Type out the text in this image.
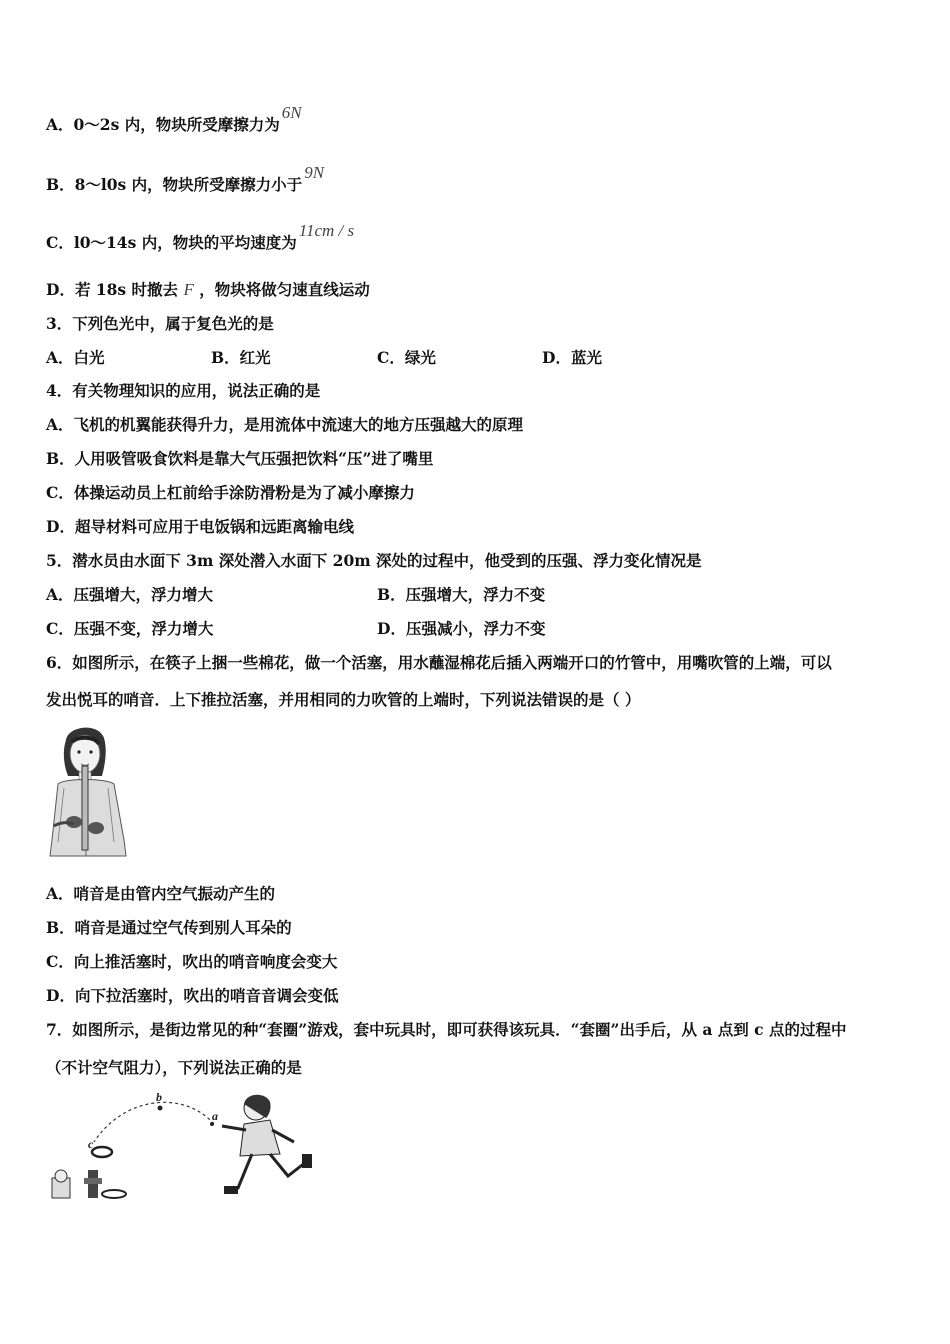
A．0～2s 内，物块所受摩擦力为6N
B．8～l0s 内，物块所受摩擦力小于9N
C．l0～14s 内，物块的平均速度为11cm / s
D．若 18s 时撤去 F ，物块将做匀速直线运动
3．下列色光中，属于复色光的是
A．白光	B．红光	C．绿光	D．蓝光
4．有关物理知识的应用，说法正确的是
A．飞机的机翼能获得升力，是用流体中流速大的地方压强越大的原理
B．人用吸管吸食饮料是靠大气压强把饮料“压”进了嘴里
C．体操运动员上杠前给手涂防滑粉是为了减小摩擦力
D．超导材料可应用于电饭锅和远距离输电线
5．潜水员由水面下 3m 深处潜入水面下 20m 深处的过程中，他受到的压强、浮力变化情况是
A．压强增大，浮力增大	B．压强增大，浮力不变
C．压强不变，浮力增大	D．压强减小，浮力不变
6．如图所示，在筷子上捆一些棉花，做一个活塞，用水蘸湿棉花后插入两端开口的竹管中，用嘴吹管的上端，可以
发出悦耳的哨音．上下推拉活塞，并用相同的力吹管的上端时，下列说法错误的是（ ）
A．哨音是由管内空气振动产生的
B．哨音是通过空气传到别人耳朵的
C．向上推活塞时，吹出的哨音响度会变大
D．向下拉活塞时，吹出的哨音音调会变低
7．如图所示，是街边常见的种“套圈”游戏，套中玩具时，即可获得该玩具．“套圈”出手后，从 a 点到 c 点的过程中
（不计空气阻力），下列说法正确的是
b
a
c
